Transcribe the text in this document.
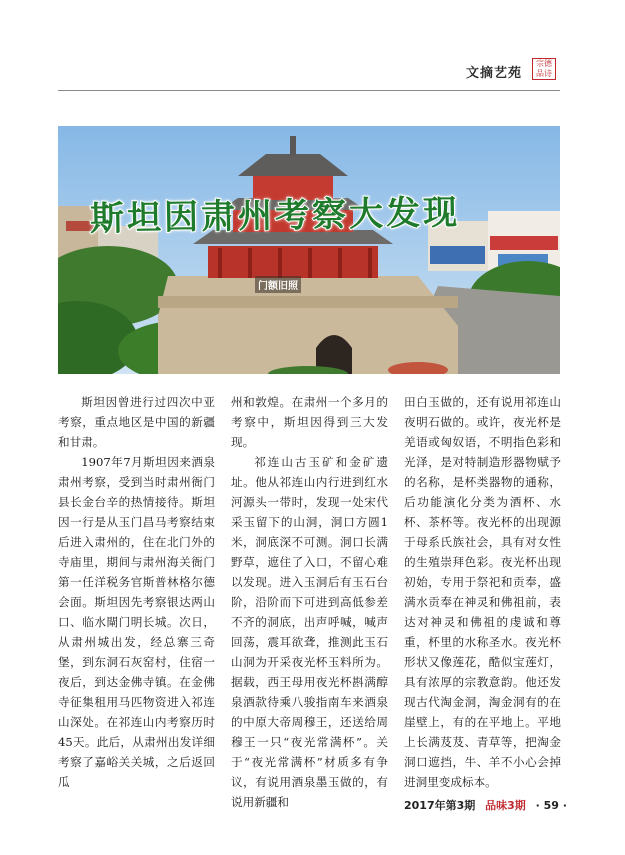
文摘艺苑
宗德品诗
斯坦因肃州考察大发现
门额旧照

斯坦因曾进行过四次中亚考察，重点地区是中国的新疆和甘肃。

1907年7月斯坦因来酒泉肃州考察，受到当时肃州衙门县长金台辛的热情接待。斯坦因一行是从玉门昌马考察结束后进入肃州的，住在北门外的寺庙里，期间与肃州海关衙门第一任洋税务官斯普林格尔德会面。斯坦因先考察银达两山口、临水閘门明长城。次日，从肃州城出发，经总寨三奇堡，到东洞石灰窑村，住宿一夜后，到达金佛寺镇。在金佛寺征集租用马匹物资进入祁连山深处。在祁连山内考察历时45天。此后，从肃州出发详细考察了嘉峪关关城，之后返回瓜

州和敦煌。在肃州一个多月的考察中，斯坦因得到三大发现。

祁连山古玉矿和金矿遗址。他从祁连山内行进到红水河源头一带时，发现一处宋代采玉留下的山洞，洞口方圆1米，洞底深不可测。洞口长满野草，遮住了入口，不留心难以发现。进入玉洞后有玉石台阶，沿阶而下可进到高低参差不齐的洞底，出声呼喊，喊声回荡，震耳欲聋，推测此玉石山洞为开采夜光杯玉料所为。据载，西王母用夜光杯斟满醇泉酒款待乘八骏指南车来酒泉的中原大帝周穆王，还送给周穆王一只“夜光常满杯”。关于“夜光常满杯”材质多有争议，有说用酒泉墨玉做的，有说用新疆和

田白玉做的，还有说用祁连山夜明石做的。或许，夜光杯是羌语或匈奴语，不明指色彩和光泽，是对特制造形器物赋予的名称，是杯类器物的通称，后功能演化分类为酒杯、水杯、茶杯等。夜光杯的出现源于母系氏族社会，具有对女性的生殖崇拜色彩。夜光杯出现初始，专用于祭祀和贡奉，盛满水贡奉在神灵和佛祖前，表达对神灵和佛祖的虔诚和尊重，杯里的水称圣水。夜光杯形状又像莲花，酷似宝莲灯，具有浓厚的宗教意韵。他还发现古代淘金洞，淘金洞有的在崖壁上，有的在平地上。平地上长满芨芨、青草等，把淘金洞口遮挡，牛、羊不小心会掉进洞里变成标本。

2017年第3期 品味3期 · 59 ·
